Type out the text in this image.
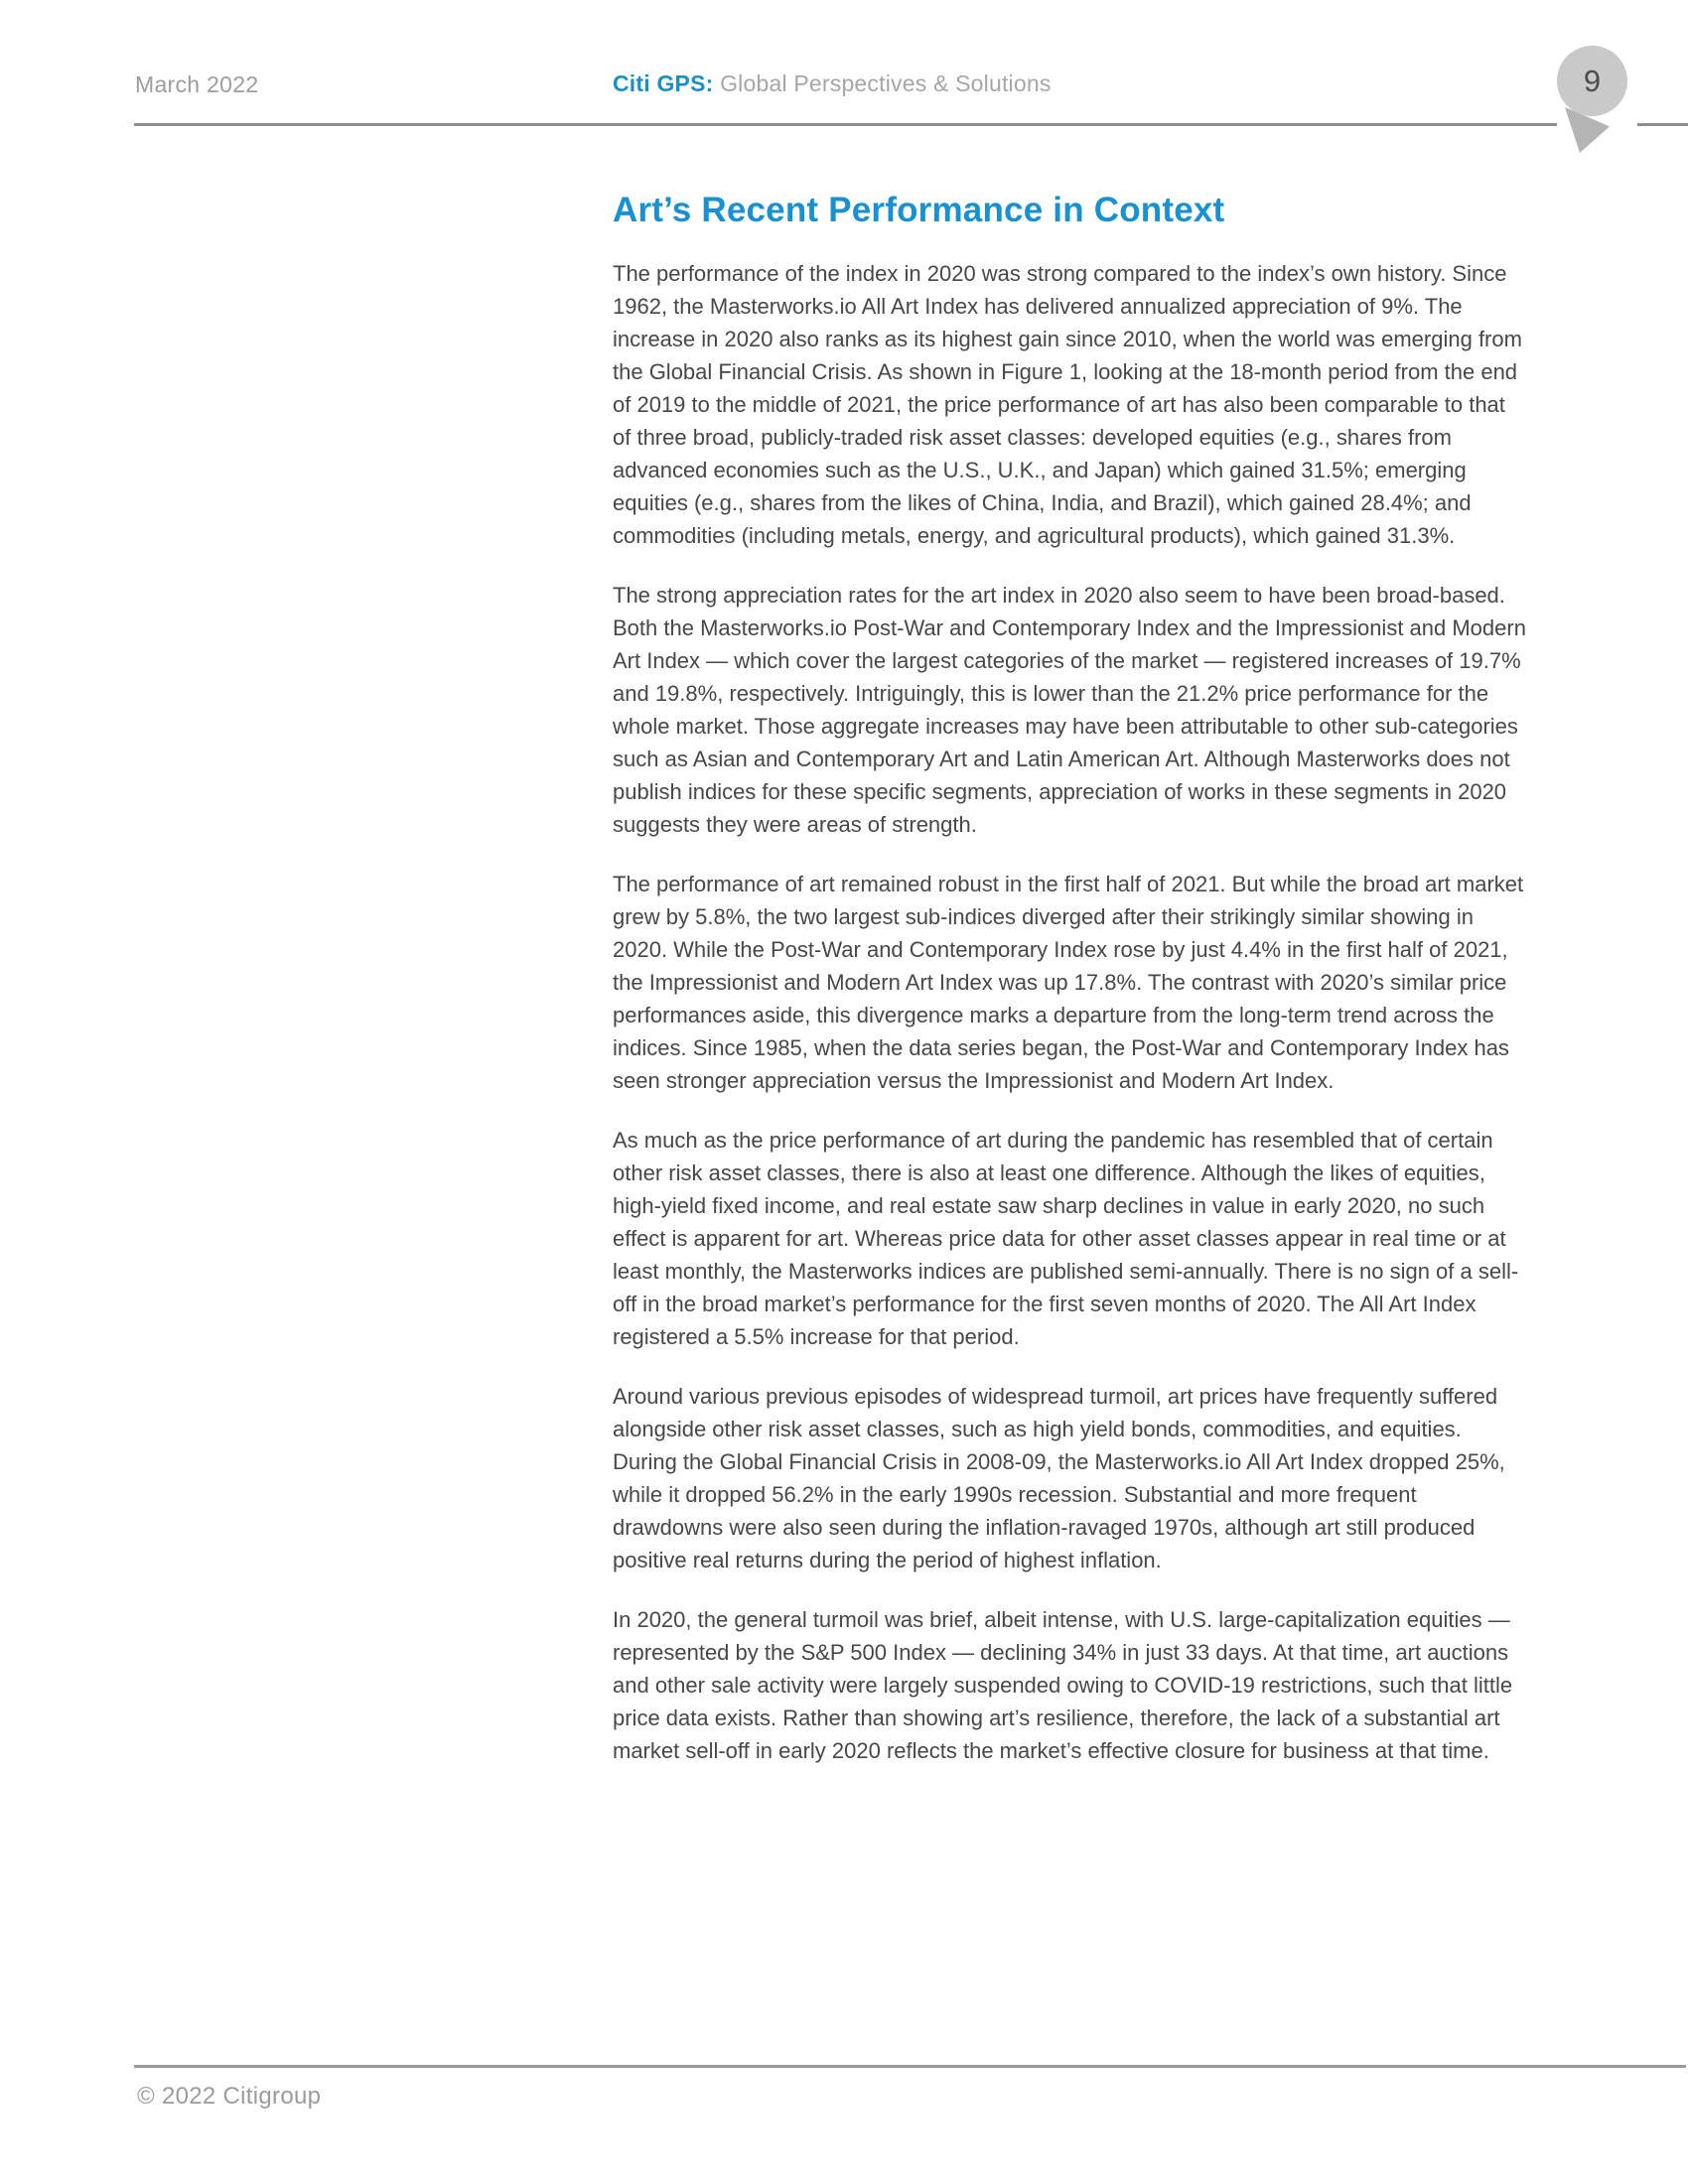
March 2022	Citi GPS: Global Perspectives & Solutions	9
Art’s Recent Performance in Context

The performance of the index in 2020 was strong compared to the index’s own history. Since 1962, the Masterworks.io All Art Index has delivered annualized appreciation of 9%. The increase in 2020 also ranks as its highest gain since 2010, when the world was emerging from the Global Financial Crisis. As shown in Figure 1, looking at the 18-month period from the end of 2019 to the middle of 2021, the price performance of art has also been comparable to that of three broad, publicly-traded risk asset classes: developed equities (e.g., shares from advanced economies such as the U.S., U.K., and Japan) which gained 31.5%; emerging equities (e.g., shares from the likes of China, India, and Brazil), which gained 28.4%; and commodities (including metals, energy, and agricultural products), which gained 31.3%.

The strong appreciation rates for the art index in 2020 also seem to have been broad-based. Both the Masterworks.io Post-War and Contemporary Index and the Impressionist and Modern Art Index — which cover the largest categories of the market — registered increases of 19.7% and 19.8%, respectively. Intriguingly, this is lower than the 21.2% price performance for the whole market. Those aggregate increases may have been attributable to other sub-categories such as Asian and Contemporary Art and Latin American Art. Although Masterworks does not publish indices for these specific segments, appreciation of works in these segments in 2020 suggests they were areas of strength.

The performance of art remained robust in the first half of 2021. But while the broad art market grew by 5.8%, the two largest sub-indices diverged after their strikingly similar showing in 2020. While the Post-War and Contemporary Index rose by just 4.4% in the first half of 2021, the Impressionist and Modern Art Index was up 17.8%. The contrast with 2020’s similar price performances aside, this divergence marks a departure from the long-term trend across the indices. Since 1985, when the data series began, the Post-War and Contemporary Index has seen stronger appreciation versus the Impressionist and Modern Art Index.

As much as the price performance of art during the pandemic has resembled that of certain other risk asset classes, there is also at least one difference. Although the likes of equities, high-yield fixed income, and real estate saw sharp declines in value in early 2020, no such effect is apparent for art. Whereas price data for other asset classes appear in real time or at least monthly, the Masterworks indices are published semi-annually. There is no sign of a sell-off in the broad market’s performance for the first seven months of 2020. The All Art Index registered a 5.5% increase for that period.

Around various previous episodes of widespread turmoil, art prices have frequently suffered alongside other risk asset classes, such as high yield bonds, commodities, and equities. During the Global Financial Crisis in 2008-09, the Masterworks.io All Art Index dropped 25%, while it dropped 56.2% in the early 1990s recession. Substantial and more frequent drawdowns were also seen during the inflation-ravaged 1970s, although art still produced positive real returns during the period of highest inflation.

In 2020, the general turmoil was brief, albeit intense, with U.S. large-capitalization equities — represented by the S&P 500 Index — declining 34% in just 33 days. At that time, art auctions and other sale activity were largely suspended owing to COVID-19 restrictions, such that little price data exists. Rather than showing art’s resilience, therefore, the lack of a substantial art market sell-off in early 2020 reflects the market’s effective closure for business at that time.

© 2022 Citigroup
